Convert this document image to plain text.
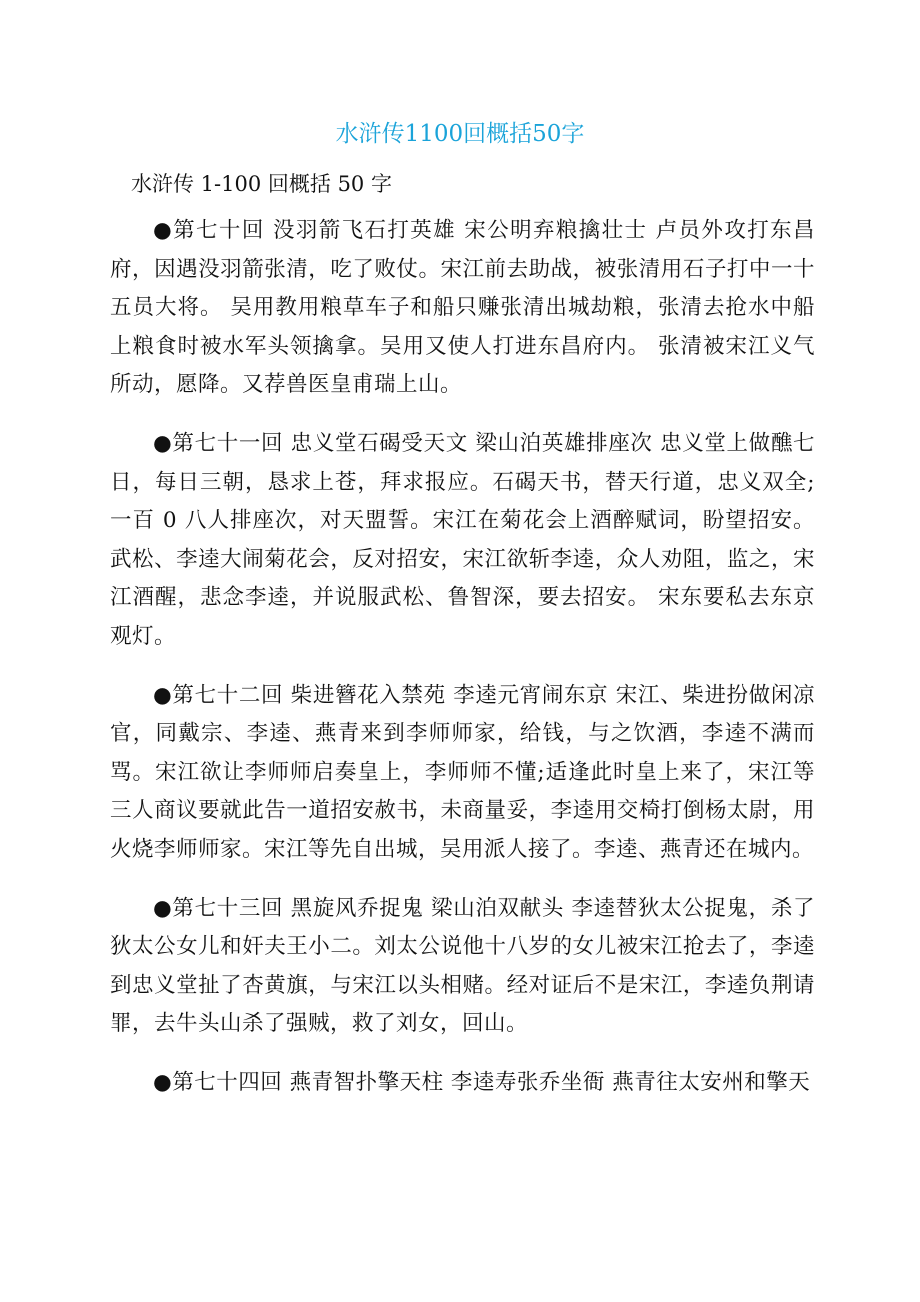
水浒传1100回概括50字

水浒传 1-100 回概括 50 字

●第七十回 没羽箭飞石打英雄 宋公明弃粮擒壮士 卢员外攻打东昌府，因遇没羽箭张清，吃了败仗。宋江前去助战，被张清用石子打中一十五员大将。 吴用教用粮草车子和船只赚张清出城劫粮，张清去抢水中船上粮食时被水军头领擒拿。吴用又使人打进东昌府内。 张清被宋江义气所动，愿降。又荐兽医皇甫瑞上山。

●第七十一回 忠义堂石碣受天文 梁山泊英雄排座次 忠义堂上做醮七日，每日三朝，恳求上苍，拜求报应。石碣天书，替天行道，忠义双全;一百 0 八人排座次，对天盟誓。宋江在菊花会上酒醉赋词，盼望招安。武松、李逵大闹菊花会，反对招安，宋江欲斩李逵，众人劝阻，监之，宋江酒醒，悲念李逵，并说服武松、鲁智深，要去招安。 宋东要私去东京观灯。

●第七十二回 柴进簪花入禁苑 李逵元宵闹东京 宋江、柴进扮做闲凉官，同戴宗、李逵、燕青来到李师师家，给钱，与之饮酒，李逵不满而骂。宋江欲让李师师启奏皇上，李师师不懂;适逢此时皇上来了，宋江等三人商议要就此告一道招安赦书，未商量妥，李逵用交椅打倒杨太尉，用火烧李师师家。宋江等先自出城，吴用派人接了。李逵、燕青还在城内。

●第七十三回 黑旋风乔捉鬼 梁山泊双献头 李逵替狄太公捉鬼，杀了狄太公女儿和奸夫王小二。刘太公说他十八岁的女儿被宋江抢去了，李逵到忠义堂扯了杏黄旗，与宋江以头相赌。经对证后不是宋江，李逵负荆请罪，去牛头山杀了强贼，救了刘女，回山。

●第七十四回 燕青智扑擎天柱 李逵寿张乔坐衙 燕青往太安州和擎天
